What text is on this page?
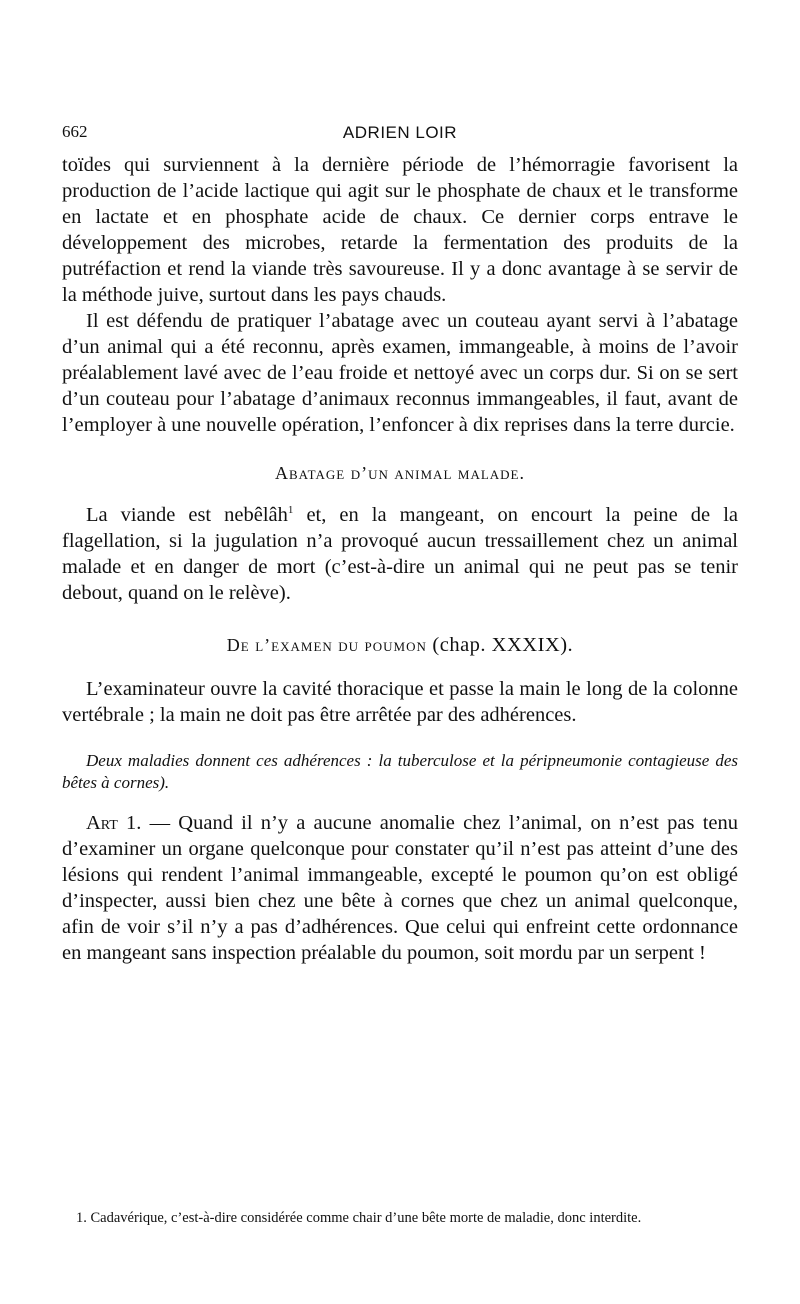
662	ADRIEN LOIR

toïdes qui surviennent à la dernière période de l’hémorragie favorisent la production de l’acide lactique qui agit sur le phosphate de chaux et le transforme en lactate et en phosphate acide de chaux. Ce dernier corps entrave le développement des microbes, retarde la fermentation des produits de la putréfaction et rend la viande très savoureuse. Il y a donc avantage à se servir de la méthode juive, surtout dans les pays chauds.

Il est défendu de pratiquer l’abatage avec un couteau ayant servi à l’abatage d’un animal qui a été reconnu, après examen, immangeable, à moins de l’avoir préalablement lavé avec de l’eau froide et nettoyé avec un corps dur. Si on se sert d’un couteau pour l’abatage d’animaux reconnus immangeables, il faut, avant de l’employer à une nouvelle opération, l’enfoncer à dix reprises dans la terre durcie.

Abatage d’un animal malade.

La viande est nebêlâh$^1$ et, en la mangeant, on encourt la peine de la flagellation, si la jugulation n’a provoqué aucun tressaillement chez un animal malade et en danger de mort (c’est-à-dire un animal qui ne peut pas se tenir debout, quand on le relève).

De l’examen du poumon (chap. XXXIX).

L’examinateur ouvre la cavité thoracique et passe la main le long de la colonne vertébrale ; la main ne doit pas être arrêtée par des adhérences.

Deux maladies donnent ces adhérences : la tuberculose et la péripneumonie contagieuse des bêtes à cornes).

Art 1. — Quand il n’y a aucune anomalie chez l’animal, on n’est pas tenu d’examiner un organe quelconque pour constater qu’il n’est pas atteint d’une des lésions qui rendent l’animal immangeable, excepté le poumon qu’on est obligé d’inspecter, aussi bien chez une bête à cornes que chez un animal quelconque, afin de voir s’il n’y a pas d’adhérences. Que celui qui enfreint cette ordonnance en mangeant sans inspection préalable du poumon, soit mordu par un serpent !

1. Cadavérique, c’est-à-dire considérée comme chair d’une bête morte de maladie, donc interdite.
